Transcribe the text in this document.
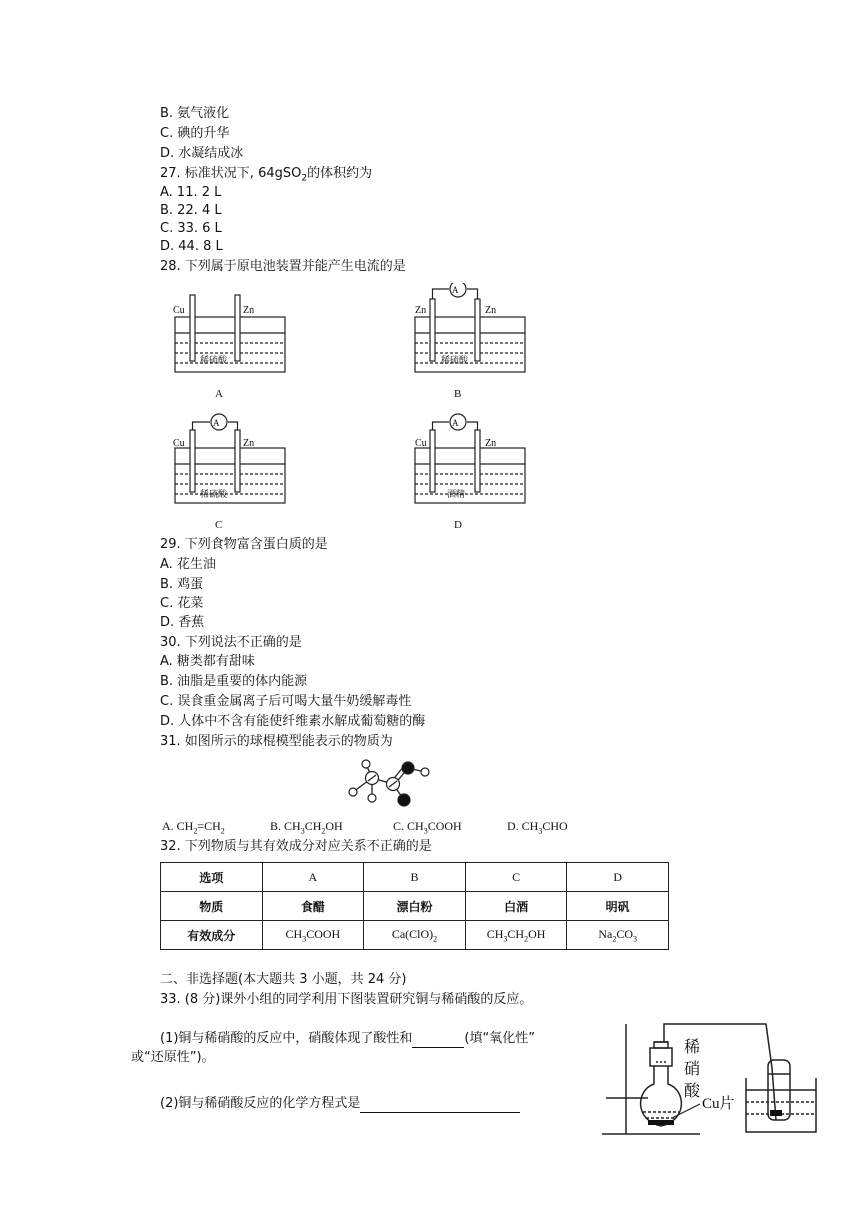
B. 氨气液化
C. 碘的升华
D. 水凝结成冰
27. 标准状况下, 64gSO$_2$的体积约为
A. 11. 2 L
B. 22. 4 L
C. 33. 6 L
D. 44. 8 L
28. 下列属于原电池装置并能产生电流的是
Cu	Zn
稀硫酸
A
Zn	Zn
A
稀硫酸
B
Cu	Zn
A
稀硫酸
C
Cu	Zn
A
酒精
D
29. 下列食物富含蛋白质的是
A. 花生油
B. 鸡蛋
C. 花菜
D. 香蕉
30. 下列说法不正确的是
A. 糖类都有甜味
B. 油脂是重要的体内能源
C. 误食重金属离子后可喝大量牛奶缓解毒性
D. 人体中不含有能使纤维素水解成葡萄糖的酶
31. 如图所示的球棍模型能表示的物质为
A. $CH_2=CH_2$	B. $CH_3CH_2OH$	C. $CH_3COOH$	D. $CH_3CHO$
32. 下列物质与其有效成分对应关系不正确的是
选项	A	B	C	D
物质	食醋	漂白粉	白酒	明矾
有效成分	$CH_3COOH$	$Ca(ClO)_2$	$CH_3CH_2OH$	$Na_2CO_3$
二、非选择题(本大题共 3 小题，共 24 分)
33. (8 分)课外小组的同学利用下图装置研究铜与稀硝酸的反应。
(1)铜与稀硝酸的反应中，硝酸体现了酸性和	(填“氧化性”
或“还原性”)。
(2)铜与稀硝酸反应的化学方程式是
稀
硝
酸
Cu片
